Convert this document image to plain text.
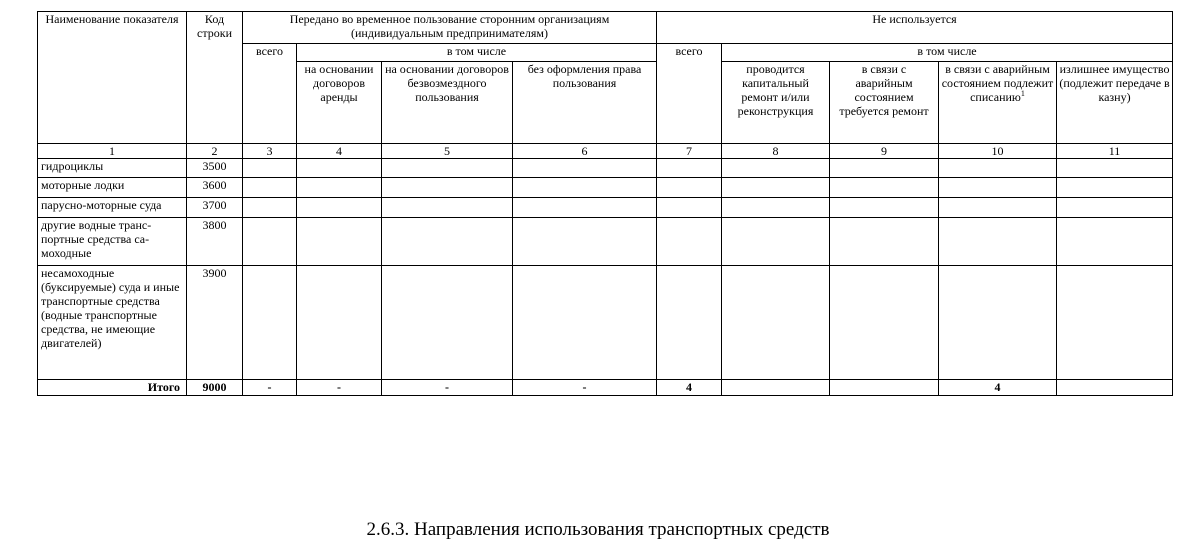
Наименование показателя	Код строки	Передано во временное пользование сторонним организациям (индивидуальным предпринимателям)				Не используется				
		всего	в том числе			всего	в том числе			
			на основании договоров аренды	на основании договоров безвозмездного пользования	без оформления права пользования		проводится капитальный ремонт и/или реконструкция	в связи с аварийным состоянием требуется ремонт	в связи с аварийным состоянием подлежит списанию$^1$	излишнее имущество (подлежит передаче в казну)
1	2	3	4	5	6	7	8	9	10	11
гидроциклы	3500									
моторные лодки	3600									
парусно-моторные суда	3700									
другие водные транс-портные средства са-моходные	3800									
несамоходные (буксируемые) суда и иные транспортные средства (водные транспортные средства, не имеющие двигателей)	3900									
Итого	9000	-	-	-	-	4			4	
2.6.3. Направления использования транспортных средств
